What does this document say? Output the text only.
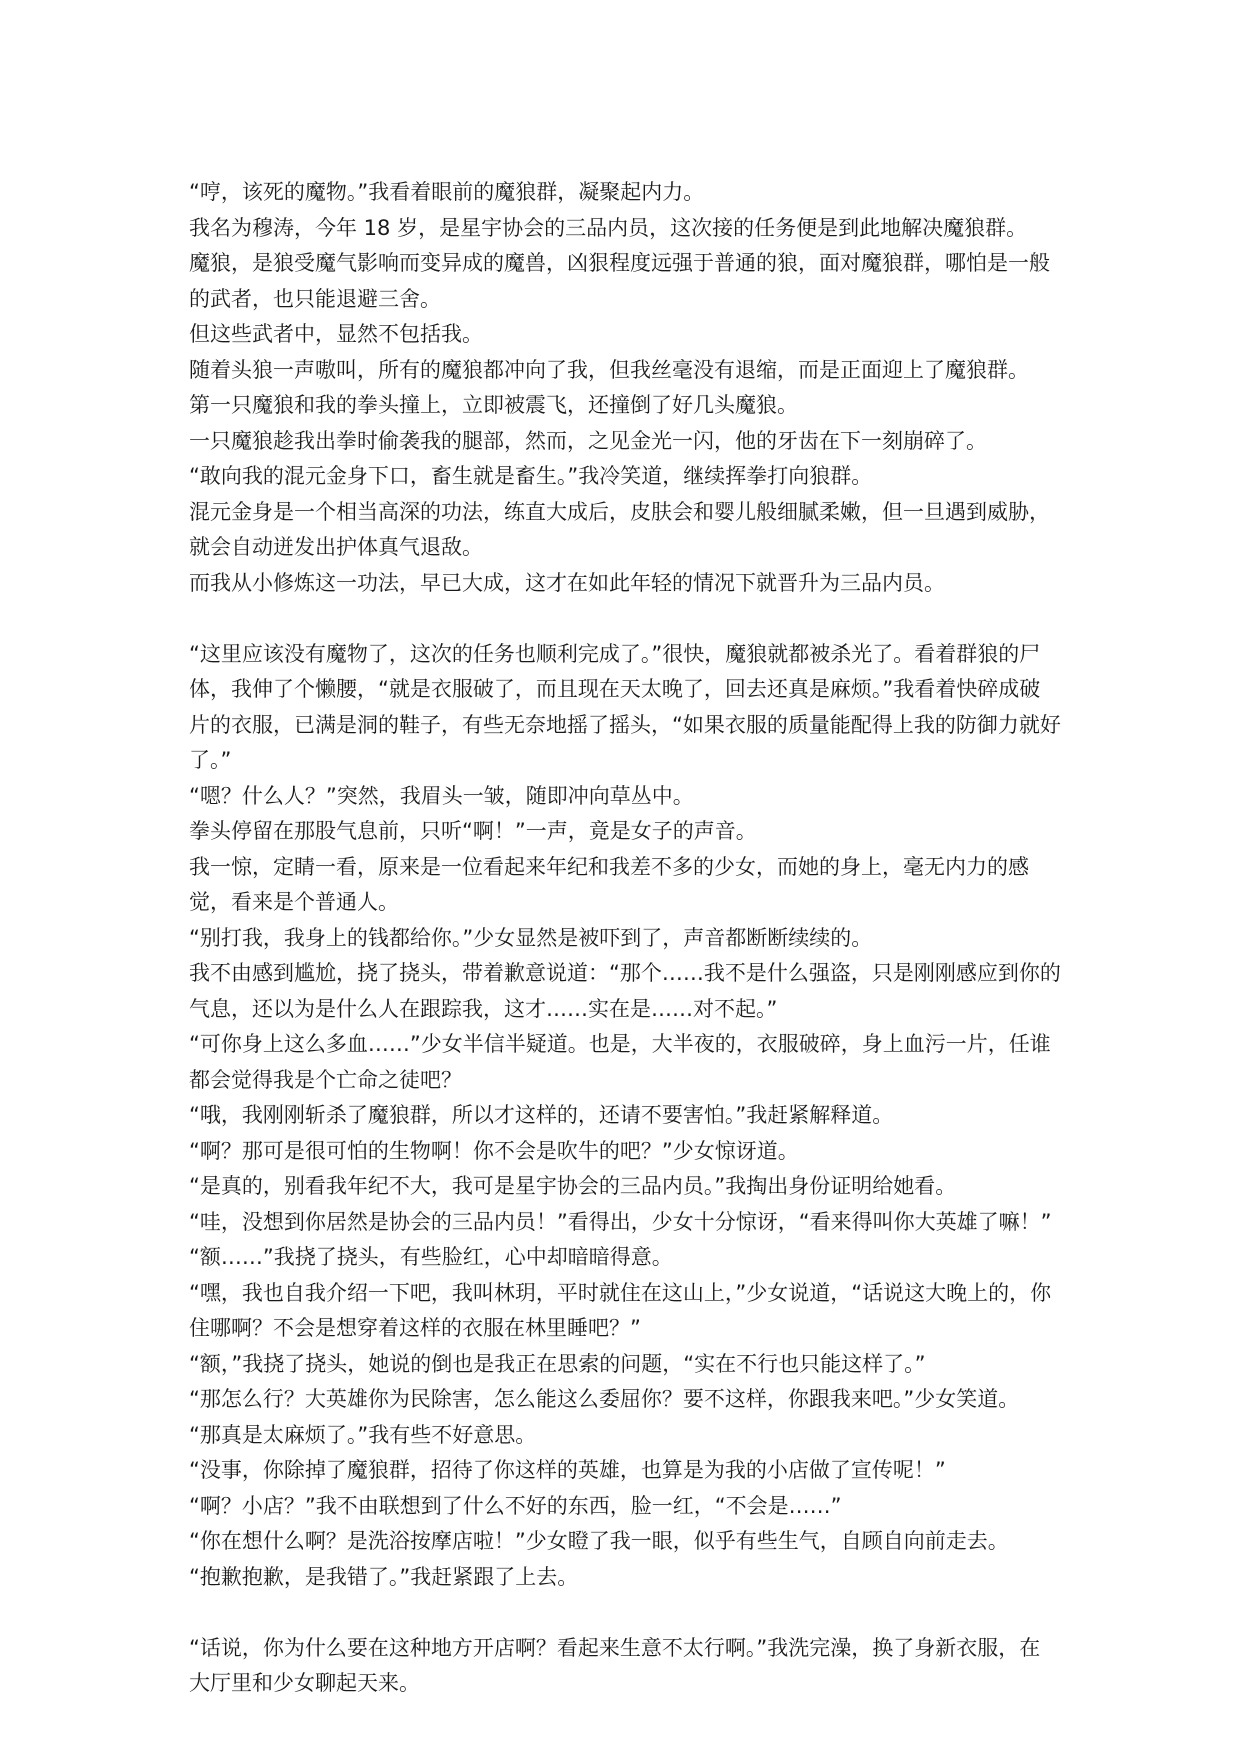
“哼，该死的魔物。”我看着眼前的魔狼群，凝聚起内力。

我名为穆涛，今年 18 岁，是星宇协会的三品内员，这次接的任务便是到此地解决魔狼群。

魔狼，是狼受魔气影响而变异成的魔兽，凶狠程度远强于普通的狼，面对魔狼群，哪怕是一般的武者，也只能退避三舍。

但这些武者中，显然不包括我。

随着头狼一声嗷叫，所有的魔狼都冲向了我，但我丝毫没有退缩，而是正面迎上了魔狼群。

第一只魔狼和我的拳头撞上，立即被震飞，还撞倒了好几头魔狼。

一只魔狼趁我出拳时偷袭我的腿部，然而，之见金光一闪，他的牙齿在下一刻崩碎了。

“敢向我的混元金身下口，畜生就是畜生。”我冷笑道，继续挥拳打向狼群。

混元金身是一个相当高深的功法，练直大成后，皮肤会和婴儿般细腻柔嫩，但一旦遇到威胁，就会自动迸发出护体真气退敌。

而我从小修炼这一功法，早已大成，这才在如此年轻的情况下就晋升为三品内员。

“这里应该没有魔物了，这次的任务也顺利完成了。”很快，魔狼就都被杀光了。看着群狼的尸体，我伸了个懒腰，“就是衣服破了，而且现在天太晚了，回去还真是麻烦。”我看着快碎成破片的衣服，已满是洞的鞋子，有些无奈地摇了摇头，“如果衣服的质量能配得上我的防御力就好了。”

“嗯？什么人？”突然，我眉头一皱，随即冲向草丛中。

拳头停留在那股气息前，只听“啊！”一声，竟是女子的声音。

我一惊，定睛一看，原来是一位看起来年纪和我差不多的少女，而她的身上，毫无内力的感觉，看来是个普通人。

“别打我，我身上的钱都给你。”少女显然是被吓到了，声音都断断续续的。

我不由感到尴尬，挠了挠头，带着歉意说道：“那个……我不是什么强盗，只是刚刚感应到你的气息，还以为是什么人在跟踪我，这才……实在是……对不起。”

“可你身上这么多血……”少女半信半疑道。也是，大半夜的，衣服破碎，身上血污一片，任谁都会觉得我是个亡命之徒吧？

“哦，我刚刚斩杀了魔狼群，所以才这样的，还请不要害怕。”我赶紧解释道。

“啊？那可是很可怕的生物啊！你不会是吹牛的吧？”少女惊讶道。

“是真的，别看我年纪不大，我可是星宇协会的三品内员。”我掏出身份证明给她看。

“哇，没想到你居然是协会的三品内员！”看得出，少女十分惊讶，“看来得叫你大英雄了嘛！”

“额……”我挠了挠头，有些脸红，心中却暗暗得意。

“嘿，我也自我介绍一下吧，我叫林玥，平时就住在这山上，”少女说道，“话说这大晚上的，你住哪啊？不会是想穿着这样的衣服在林里睡吧？”

“额，”我挠了挠头，她说的倒也是我正在思索的问题，“实在不行也只能这样了。”

“那怎么行？大英雄你为民除害，怎么能这么委屈你？要不这样，你跟我来吧。”少女笑道。

“那真是太麻烦了。”我有些不好意思。

“没事，你除掉了魔狼群，招待了你这样的英雄，也算是为我的小店做了宣传呢！”

“啊？小店？”我不由联想到了什么不好的东西，脸一红，“不会是……”

“你在想什么啊？是洗浴按摩店啦！”少女瞪了我一眼，似乎有些生气，自顾自向前走去。

“抱歉抱歉，是我错了。”我赶紧跟了上去。

“话说，你为什么要在这种地方开店啊？看起来生意不太行啊。”我洗完澡，换了身新衣服，在大厅里和少女聊起天来。
